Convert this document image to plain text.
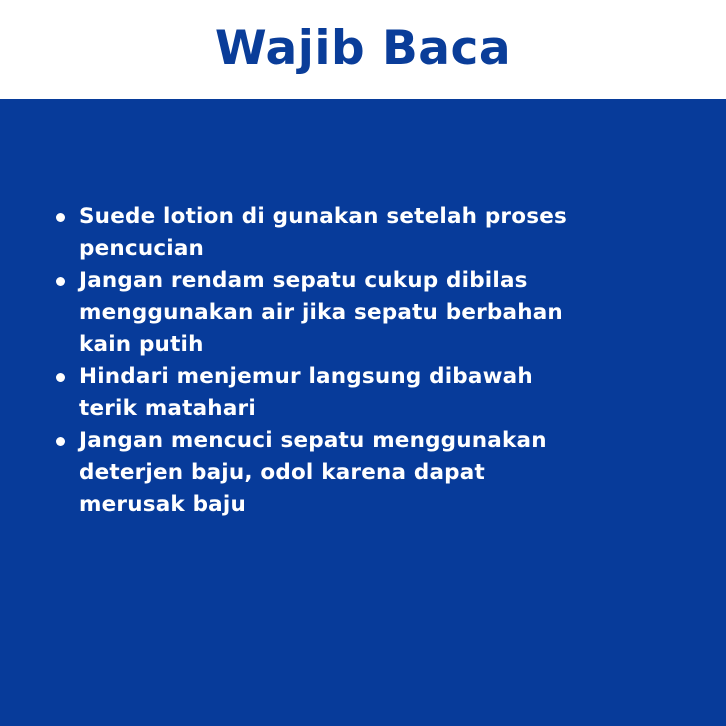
Wajib Baca
Suede lotion di gunakan setelah proses pencucian
Jangan rendam sepatu cukup dibilas menggunakan air jika sepatu berbahan kain putih
Hindari menjemur langsung dibawah terik matahari
Jangan mencuci sepatu menggunakan deterjen baju, odol karena dapat merusak baju
